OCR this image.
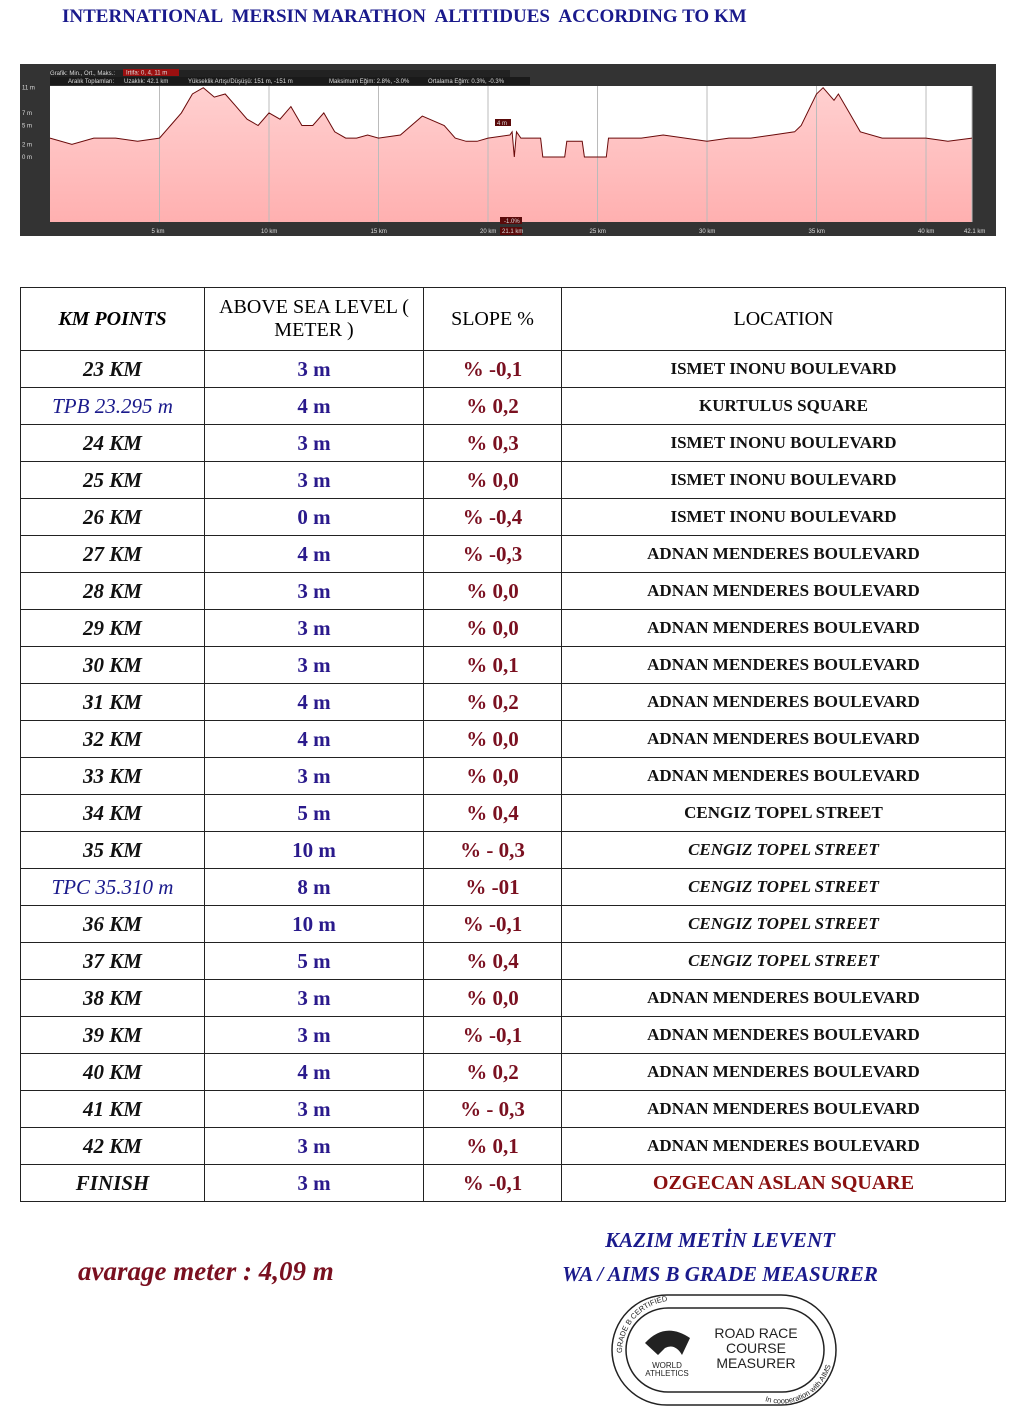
INTERNATIONAL  MERSIN MARATHON  ALTITIDUES  ACCORDING TO KM
Grafik: Min., Ort., Maks.: Irtifa: 0, 4, 11 m
Aralık Toplamları: Uzaklık: 42.1 km	Yükseklik Artışı/Düşüşü: 151 m, -151 m	Maksimum Eğim: 2.8%, -3.0%	Ortalama Eğim: 0.3%, -0.3%
11 m
7 m
5 m
2 m
0 m
5 km	10 km	15 km	20 km	25 km	30 km	35 km	40 km	42.1 km
4 m
-1.0%
21.1 km
KM POINTS	ABOVE SEA LEVEL ( METER )	SLOPE %	LOCATION
23 KM	3 m	% -0,1	ISMET INONU BOULEVARD
TPB 23.295 m	4 m	% 0,2	KURTULUS SQUARE
24 KM	3 m	% 0,3	ISMET INONU BOULEVARD
25 KM	3 m	% 0,0	ISMET INONU BOULEVARD
26 KM	0 m	% -0,4	ISMET INONU BOULEVARD
27 KM	4 m	% -0,3	ADNAN MENDERES BOULEVARD
28 KM	3 m	% 0,0	ADNAN MENDERES BOULEVARD
29 KM	3 m	% 0,0	ADNAN MENDERES BOULEVARD
30 KM	3 m	% 0,1	ADNAN MENDERES BOULEVARD
31 KM	4 m	% 0,2	ADNAN MENDERES BOULEVARD
32 KM	4 m	% 0,0	ADNAN MENDERES BOULEVARD
33 KM	3 m	% 0,0	ADNAN MENDERES BOULEVARD
34 KM	5 m	% 0,4	CENGIZ TOPEL STREET
35 KM	10 m	% - 0,3	CENGIZ TOPEL STREET
TPC 35.310 m	8 m	% -01	CENGIZ TOPEL STREET
36 KM	10 m	% -0,1	CENGIZ TOPEL STREET
37 KM	5 m	% 0,4	CENGIZ TOPEL STREET
38 KM	3 m	% 0,0	ADNAN MENDERES BOULEVARD
39 KM	3 m	% -0,1	ADNAN MENDERES BOULEVARD
40 KM	4 m	% 0,2	ADNAN MENDERES BOULEVARD
41 KM	3 m	% - 0,3	ADNAN MENDERES BOULEVARD
42 KM	3 m	% 0,1	ADNAN MENDERES BOULEVARD
FINISH	3 m	% -0,1	OZGECAN ASLAN SQUARE
avarage meter : 4,09 m
KAZIM METİN LEVENT
WA / AIMS B GRADE MEASURER
GRADE B CERTIFIED
In cooperation with AIMS
WORLD
ATHLETICS
ROAD RACE
COURSE
MEASURER
